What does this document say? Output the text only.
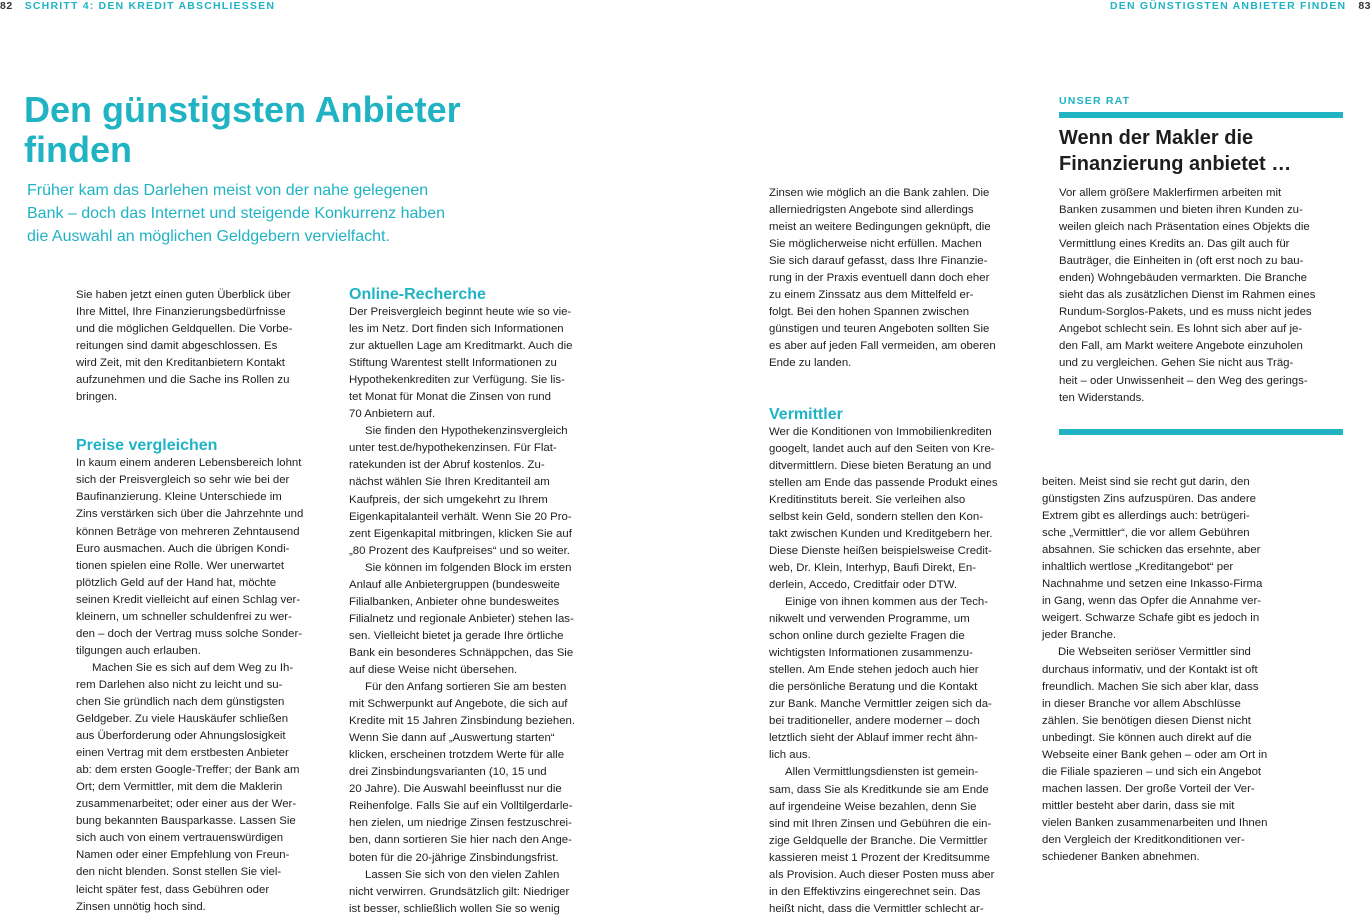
82 SCHRITT 4: DEN KREDIT ABSCHLIESSEN	DEN GÜNSTIGSTEN ANBIETER FINDEN 83
Den günstigsten Anbieter
finden

Früher kam das Darlehen meist von der nahe gelegenen
Bank – doch das Internet und steigende Konkurrenz haben
die Auswahl an möglichen Geldgebern vervielfacht.

Sie haben jetzt einen guten Überblick über
Ihre Mittel, Ihre Finanzierungsbedürfnisse
und die möglichen Geldquellen. Die Vorbe-
reitungen sind damit abgeschlossen. Es
wird Zeit, mit den Kreditanbietern Kontakt
aufzunehmen und die Sache ins Rollen zu
bringen.

Preise vergleichen

In kaum einem anderen Lebensbereich lohnt
sich der Preisvergleich so sehr wie bei der
Baufinanzierung. Kleine Unterschiede im
Zins verstärken sich über die Jahrzehnte und
können Beträge von mehreren Zehntausend
Euro ausmachen. Auch die übrigen Kondi-
tionen spielen eine Rolle. Wer unerwartet
plötzlich Geld auf der Hand hat, möchte
seinen Kredit vielleicht auf einen Schlag ver-
kleinern, um schneller schuldenfrei zu wer-
den – doch der Vertrag muss solche Sonder-
tilgungen auch erlauben.

Machen Sie es sich auf dem Weg zu Ih-
rem Darlehen also nicht zu leicht und su-
chen Sie gründlich nach dem günstigsten
Geldgeber. Zu viele Hauskäufer schließen
aus Überforderung oder Ahnungslosigkeit
einen Vertrag mit dem erstbesten Anbieter
ab: dem ersten Google-Treffer; der Bank am
Ort; dem Vermittler, mit dem die Maklerin
zusammenarbeitet; oder einer aus der Wer-
bung bekannten Bausparkasse. Lassen Sie
sich auch von einem vertrauenswürdigen
Namen oder einer Empfehlung von Freun-
den nicht blenden. Sonst stellen Sie viel-
leicht später fest, dass Gebühren oder
Zinsen unnötig hoch sind.

Online-Recherche

Der Preisvergleich beginnt heute wie so vie-
les im Netz. Dort finden sich Informationen
zur aktuellen Lage am Kreditmarkt. Auch die
Stiftung Warentest stellt Informationen zu
Hypothekenkrediten zur Verfügung. Sie lis-
tet Monat für Monat die Zinsen von rund
70 Anbietern auf.

Sie finden den Hypothekenzinsvergleich
unter test.de/hypothekenzinsen. Für Flat-
ratekunden ist der Abruf kostenlos. Zu-
nächst wählen Sie Ihren Kreditanteil am
Kaufpreis, der sich umgekehrt zu Ihrem
Eigenkapitalanteil verhält. Wenn Sie 20 Pro-
zent Eigenkapital mitbringen, klicken Sie auf
„80 Prozent des Kaufpreises“ und so weiter.

Sie können im folgenden Block im ersten
Anlauf alle Anbietergruppen (bundesweite
Filialbanken, Anbieter ohne bundesweites
Filialnetz und regionale Anbieter) stehen las-
sen. Vielleicht bietet ja gerade Ihre örtliche
Bank ein besonderes Schnäppchen, das Sie
auf diese Weise nicht übersehen.

Für den Anfang sortieren Sie am besten
mit Schwerpunkt auf Angebote, die sich auf
Kredite mit 15 Jahren Zinsbindung beziehen.
Wenn Sie dann auf „Auswertung starten“
klicken, erscheinen trotzdem Werte für alle
drei Zinsbindungsvarianten (10, 15 und
20 Jahre). Die Auswahl beeinflusst nur die
Reihenfolge. Falls Sie auf ein Volltilgerdarle-
hen zielen, um niedrige Zinsen festzuschrei-
ben, dann sortieren Sie hier nach den Ange-
boten für die 20-jährige Zinsbindungsfrist.

Lassen Sie sich von den vielen Zahlen
nicht verwirren. Grundsätzlich gilt: Niedriger
ist besser, schließlich wollen Sie so wenig

Zinsen wie möglich an die Bank zahlen. Die
allerniedrigsten Angebote sind allerdings
meist an weitere Bedingungen geknüpft, die
Sie möglicherweise nicht erfüllen. Machen
Sie sich darauf gefasst, dass Ihre Finanzie-
rung in der Praxis eventuell dann doch eher
zu einem Zinssatz aus dem Mittelfeld er-
folgt. Bei den hohen Spannen zwischen
günstigen und teuren Angeboten sollten Sie
es aber auf jeden Fall vermeiden, am oberen
Ende zu landen.

Vermittler

Wer die Konditionen von Immobilienkrediten
googelt, landet auch auf den Seiten von Kre-
ditvermittlern. Diese bieten Beratung an und
stellen am Ende das passende Produkt eines
Kreditinstituts bereit. Sie verleihen also
selbst kein Geld, sondern stellen den Kon-
takt zwischen Kunden und Kreditgebern her.
Diese Dienste heißen beispielsweise Credit-
web, Dr. Klein, Interhyp, Baufi Direkt, En-
derlein, Accedo, Creditfair oder DTW.

Einige von ihnen kommen aus der Tech-
nikwelt und verwenden Programme, um
schon online durch gezielte Fragen die
wichtigsten Informationen zusammenzu-
stellen. Am Ende stehen jedoch auch hier
die persönliche Beratung und die Kontakt
zur Bank. Manche Vermittler zeigen sich da-
bei traditioneller, andere moderner – doch
letztlich sieht der Ablauf immer recht ähn-
lich aus.

Allen Vermittlungsdiensten ist gemein-
sam, dass Sie als Kreditkunde sie am Ende
auf irgendeine Weise bezahlen, denn Sie
sind mit Ihren Zinsen und Gebühren die ein-
zige Geldquelle der Branche. Die Vermittler
kassieren meist 1 Prozent der Kreditsumme
als Provision. Auch dieser Posten muss aber
in den Effektivzins eingerechnet sein. Das
heißt nicht, dass die Vermittler schlecht ar-

UNSER RAT
Wenn der Makler die
Finanzierung anbietet …

Vor allem größere Maklerfirmen arbeiten mit
Banken zusammen und bieten ihren Kunden zu-
weilen gleich nach Präsentation eines Objekts die
Vermittlung eines Kredits an. Das gilt auch für
Bauträger, die Einheiten in (oft erst noch zu bau-
enden) Wohngebäuden vermarkten. Die Branche
sieht das als zusätzlichen Dienst im Rahmen eines
Rundum-Sorglos-Pakets, und es muss nicht jedes
Angebot schlecht sein. Es lohnt sich aber auf je-
den Fall, am Markt weitere Angebote einzuholen
und zu vergleichen. Gehen Sie nicht aus Träg-
heit – oder Unwissenheit – den Weg des gerings-
ten Widerstands.

beiten. Meist sind sie recht gut darin, den
günstigsten Zins aufzuspüren. Das andere
Extrem gibt es allerdings auch: betrügeri-
sche „Vermittler“, die vor allem Gebühren
absahnen. Sie schicken das ersehnte, aber
inhaltlich wertlose „Kreditangebot“ per
Nachnahme und setzen eine Inkasso-Firma
in Gang, wenn das Opfer die Annahme ver-
weigert. Schwarze Schafe gibt es jedoch in
jeder Branche.

Die Webseiten seriöser Vermittler sind
durchaus informativ, und der Kontakt ist oft
freundlich. Machen Sie sich aber klar, dass
in dieser Branche vor allem Abschlüsse
zählen. Sie benötigen diesen Dienst nicht
unbedingt. Sie können auch direkt auf die
Webseite einer Bank gehen – oder am Ort in
die Filiale spazieren – und sich ein Angebot
machen lassen. Der große Vorteil der Ver-
mittler besteht aber darin, dass sie mit
vielen Banken zusammenarbeiten und Ihnen
den Vergleich der Kreditkonditionen ver-
schiedener Banken abnehmen.
